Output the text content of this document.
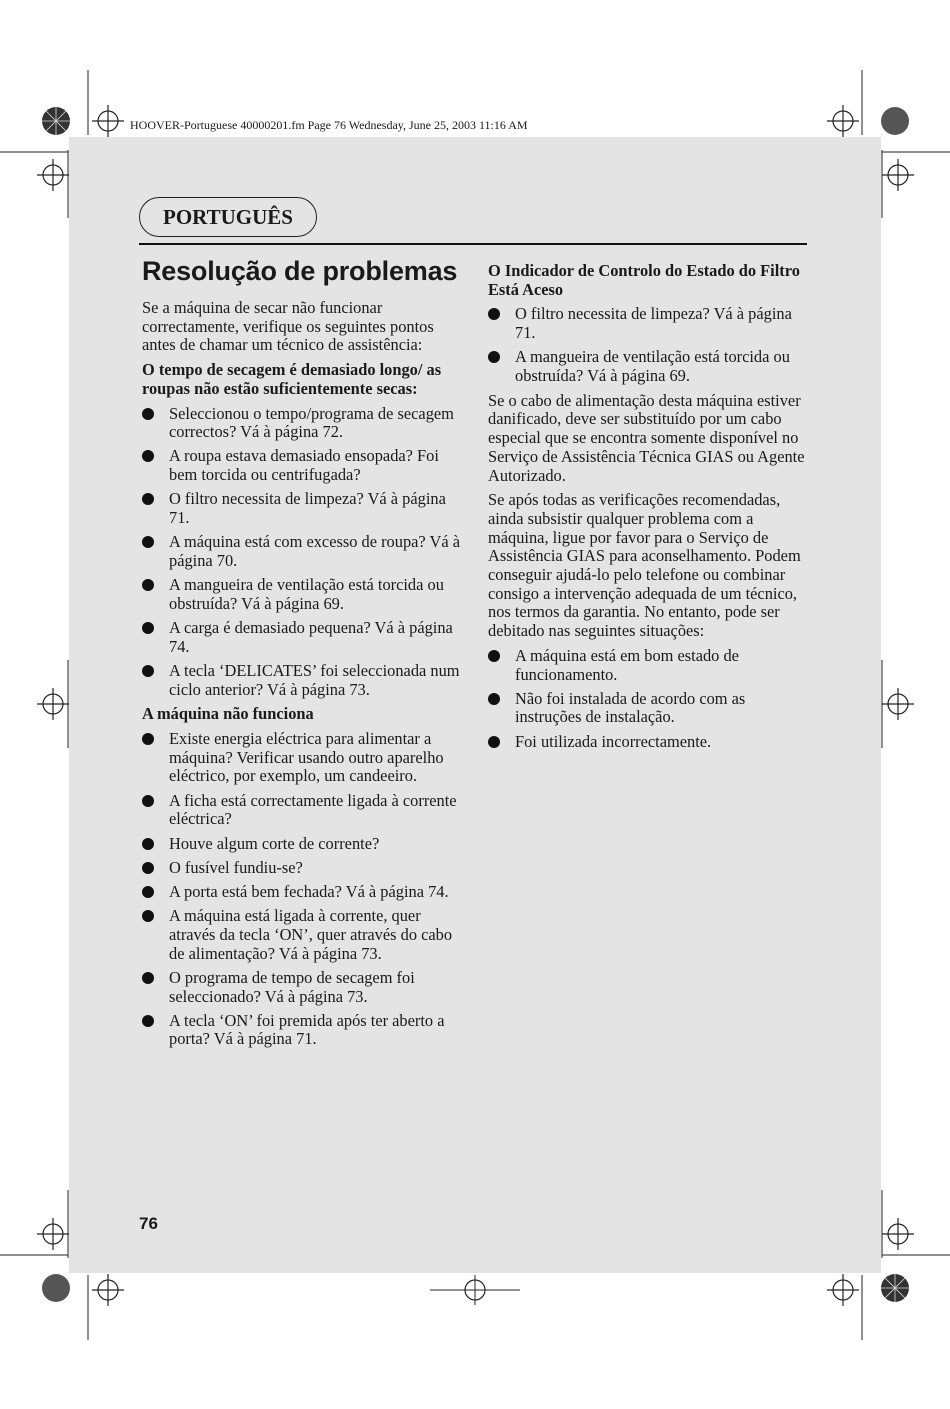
HOOVER-Portuguese 40000201.fm Page 76 Wednesday, June 25, 2003 11:16 AM
PORTUGUÊS
Resolução de problemas

Se a máquina de secar não funcionar correctamente, verifique os seguintes pontos antes de chamar um técnico de assistência:

O tempo de secagem é demasiado longo/ as roupas não estão suficientemente secas:
Seleccionou o tempo/programa de secagem correctos? Vá à página 72.
A roupa estava demasiado ensopada? Foi bem torcida ou centrifugada?
O filtro necessita de limpeza? Vá à página 71.
A máquina está com excesso de roupa? Vá à página 70.
A mangueira de ventilação está torcida ou obstruída? Vá à página 69.
A carga é demasiado pequena? Vá à página 74.
A tecla ‘DELICATES’ foi seleccionada num ciclo anterior? Vá à página 73.
A máquina não funciona
Existe energia eléctrica para alimentar a máquina? Verificar usando outro aparelho eléctrico, por exemplo, um candeeiro.
A ficha está correctamente ligada à corrente eléctrica?
Houve algum corte de corrente?
O fusível fundiu-se?
A porta está bem fechada? Vá à página 74.
A máquina está ligada à corrente, quer através da tecla ‘ON’, quer através do cabo de alimentação? Vá à página 73.
O programa de tempo de secagem foi seleccionado? Vá à página 73.
A tecla ‘ON’ foi premida após ter aberto a porta? Vá à página 71.
O Indicador de Controlo do Estado do Filtro Está Aceso
O filtro necessita de limpeza? Vá à página 71.
A mangueira de ventilação está torcida ou obstruída? Vá à página 69.

Se o cabo de alimentação desta máquina estiver danificado, deve ser substituído por um cabo especial que se encontra somente disponível no Serviço de Assistência Técnica GIAS ou Agente Autorizado.

Se após todas as verificações recomendadas, ainda subsistir qualquer problema com a máquina, ligue por favor para o Serviço de Assistência GIAS para aconselhamento. Podem conseguir ajudá-lo pelo telefone ou combinar consigo a intervenção adequada de um técnico, nos termos da garantia. No entanto, pode ser debitado nas seguintes situações:

A máquina está em bom estado de funcionamento.
Não foi instalada de acordo com as instruções de instalação.
Foi utilizada incorrectamente.
76
